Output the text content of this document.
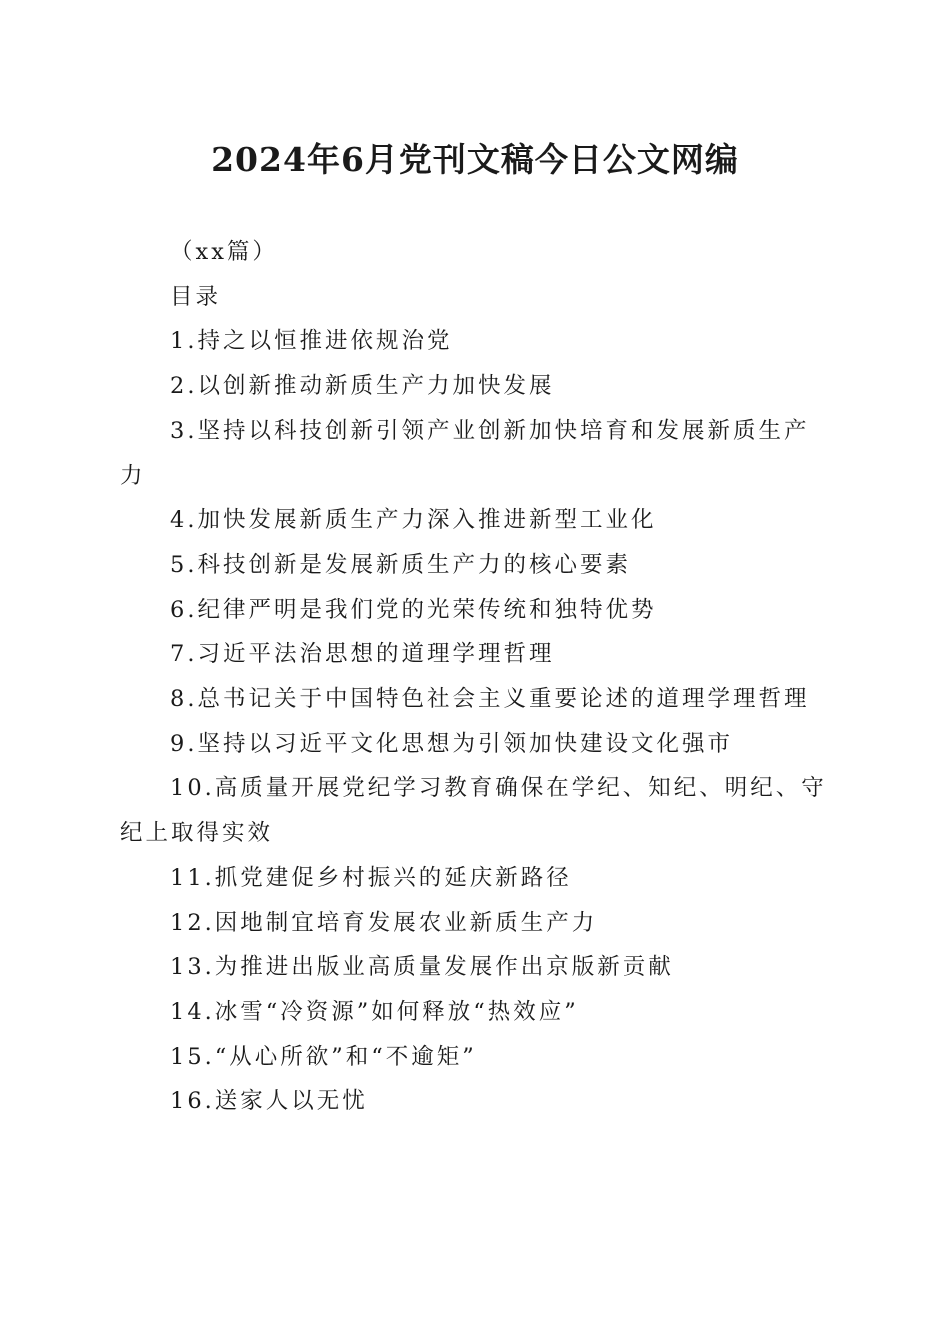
2024年6月党刊文稿今日公文网编

（xx篇）

目录

1.持之以恒推进依规治党

2.以创新推动新质生产力加快发展

3.坚持以科技创新引领产业创新加快培育和发展新质生产力

4.加快发展新质生产力深入推进新型工业化

5.科技创新是发展新质生产力的核心要素

6.纪律严明是我们党的光荣传统和独特优势

7.习近平法治思想的道理学理哲理

8.总书记关于中国特色社会主义重要论述的道理学理哲理

9.坚持以习近平文化思想为引领加快建设文化强市

10.高质量开展党纪学习教育确保在学纪、知纪、明纪、守纪上取得实效

11.抓党建促乡村振兴的延庆新路径

12.因地制宜培育发展农业新质生产力

13.为推进出版业高质量发展作出京版新贡献

14.冰雪“冷资源”如何释放“热效应”

15.“从心所欲”和“不逾矩”

16.送家人以无忧
